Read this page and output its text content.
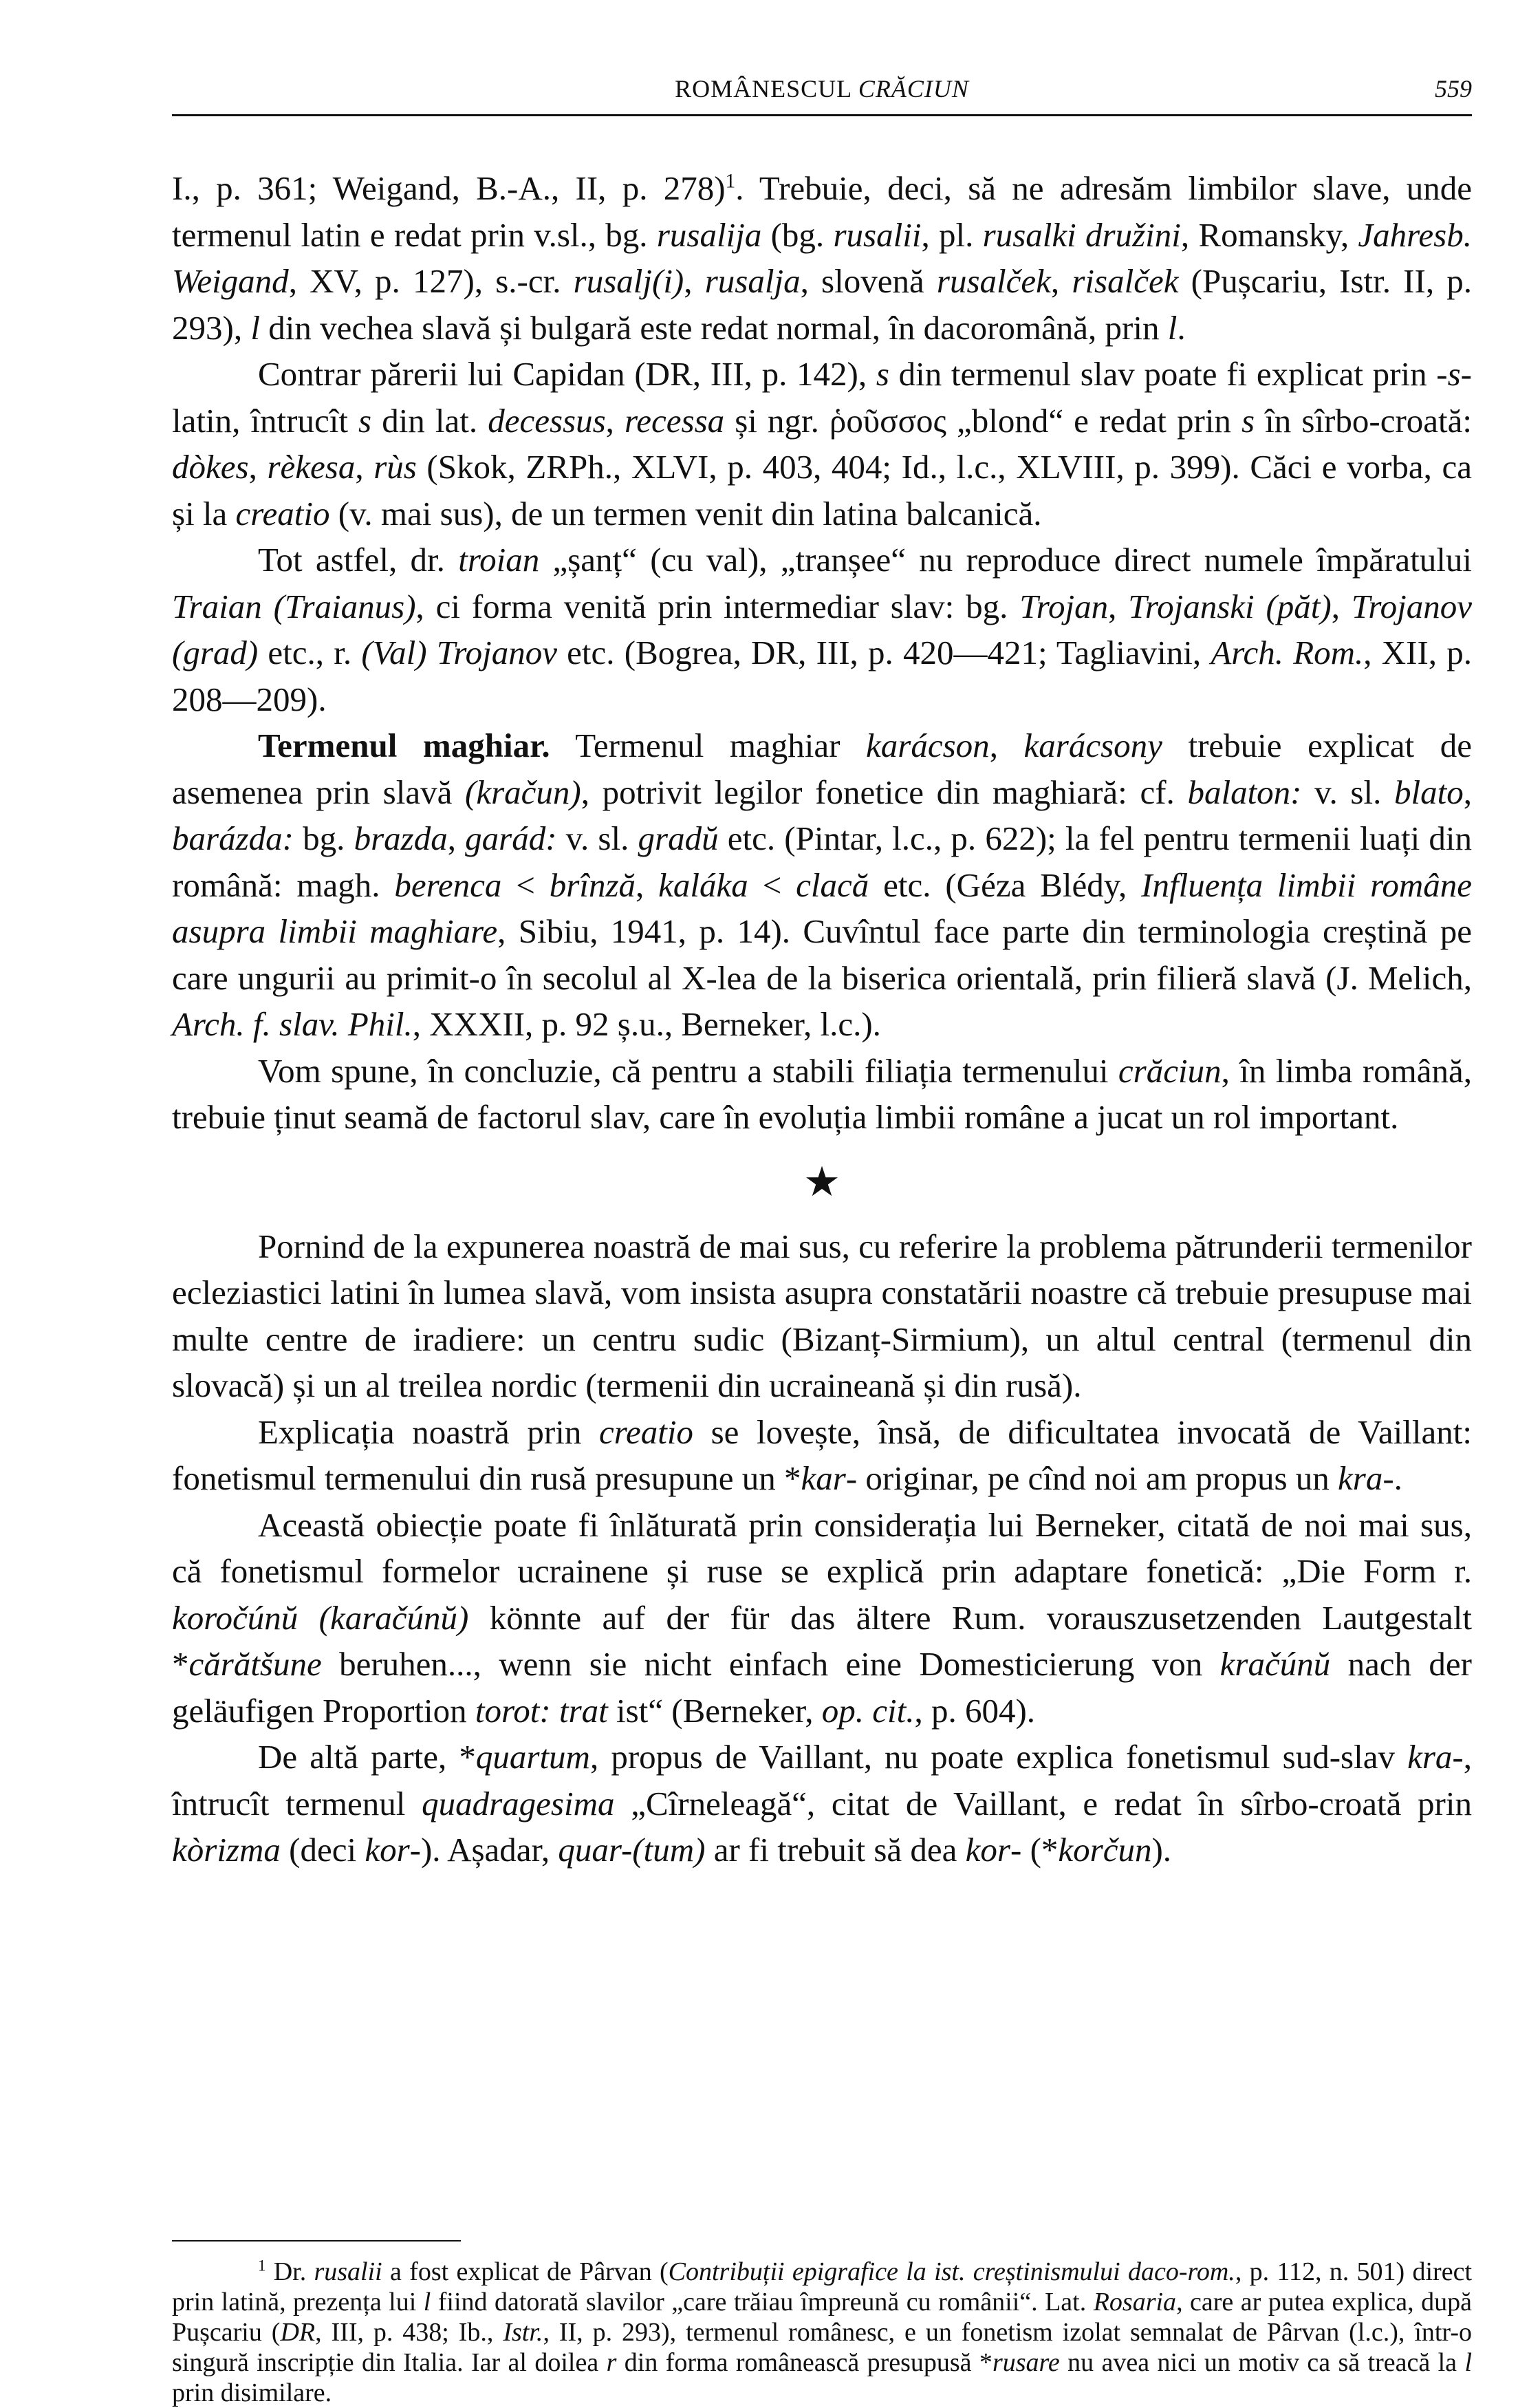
ROMÂNESCUL CRĂCIUN	559

I., p. 361; Weigand, B.-A., II, p. 278)$^1$. Trebuie, deci, să ne adresăm limbilor slave, unde termenul latin e redat prin v.sl., bg. rusalija (bg. rusalii, pl. rusalki družini, Romansky, Jahresb. Weigand, XV, p. 127), s.-cr. rusalj(i), rusalja, slovenă rusalček, risalček (Pușcariu, Istr. II, p. 293), l din vechea slavă și bulgară este redat normal, în dacoromână, prin l.

Contrar părerii lui Capidan (DR, III, p. 142), s din termenul slav poate fi explicat prin -s- latin, întrucît s din lat. decessus, recessa și ngr. ῥοῦσσος „blond“ e redat prin s în sîrbo-croată: dòkes, rèkesa, rùs (Skok, ZRPh., XLVI, p. 403, 404; Id., l.c., XLVIII, p. 399). Căci e vorba, ca și la creatio (v. mai sus), de un termen venit din latina balcanică.

Tot astfel, dr. troian „șanț“ (cu val), „tranșee“ nu reproduce direct numele împăratului Traian (Traianus), ci forma venită prin intermediar slav: bg. Trojan, Trojanski (păt), Trojanov (grad) etc., r. (Val) Trojanov etc. (Bogrea, DR, III, p. 420—421; Tagliavini, Arch. Rom., XII, p. 208—209).

Termenul maghiar. Termenul maghiar karácson, karácsony trebuie explicat de asemenea prin slavă (kračun), potrivit legilor fonetice din maghiară: cf. balaton: v. sl. blato, barázda: bg. brazda, garád: v. sl. gradŭ etc. (Pintar, l.c., p. 622); la fel pentru termenii luați din română: magh. berenca < brînză, kaláka < clacă etc. (Géza Blédy, Influența limbii române asupra limbii maghiare, Sibiu, 1941, p. 14). Cuvîntul face parte din terminologia creștină pe care ungurii au primit-o în secolul al X-lea de la biserica orientală, prin filieră slavă (J. Melich, Arch. f. slav. Phil., XXXII, p. 92 ș.u., Berneker, l.c.).

Vom spune, în concluzie, că pentru a stabili filiația termenului crăciun, în limba română, trebuie ținut seamă de factorul slav, care în evoluția limbii române a jucat un rol important.

★

Pornind de la expunerea noastră de mai sus, cu referire la problema pătrunderii termenilor ecleziastici latini în lumea slavă, vom insista asupra constatării noastre că trebuie presupuse mai multe centre de iradiere: un centru sudic (Bizanț-Sirmium), un altul central (termenul din slovacă) și un al treilea nordic (termenii din ucraineană și din rusă).

Explicația noastră prin creatio se lovește, însă, de dificultatea invocată de Vaillant: fonetismul termenului din rusă presupune un *kar- originar, pe cînd noi am propus un kra-.

Această obiecție poate fi înlăturată prin considerația lui Berneker, citată de noi mai sus, că fonetismul formelor ucrainene și ruse se explică prin adaptare fonetică: „Die Form r. koročúnŭ (karačúnŭ) könnte auf der für das ältere Rum. vorauszusetzenden Lautgestalt *cărătšune beruhen..., wenn sie nicht einfach eine Domesticierung von kračúnŭ nach der geläufigen Proportion torot: trat ist“ (Berneker, op. cit., p. 604).

De altă parte, *quartum, propus de Vaillant, nu poate explica fonetismul sud-slav kra-, întrucît termenul quadragesima „Cîrneleagă“, citat de Vaillant, e redat în sîrbo-croată prin kòrizma (deci kor-). Așadar, quar-(tum) ar fi trebuit să dea kor- (*korčun).

$^1$ Dr. rusalii a fost explicat de Pârvan (Contribuții epigrafice la ist. creștinismului daco-rom., p. 112, n. 501) direct prin latină, prezența lui l fiind datorată slavilor „care trăiau împreună cu românii“. Lat. Rosaria, care ar putea explica, după Pușcariu (DR, III, p. 438; Ib., Istr., II, p. 293), termenul românesc, e un fonetism izolat semnalat de Pârvan (l.c.), într-o singură inscripție din Italia. Iar al doilea r din forma românească presupusă *rusare nu avea nici un motiv ca să treacă la l prin disimilare.
